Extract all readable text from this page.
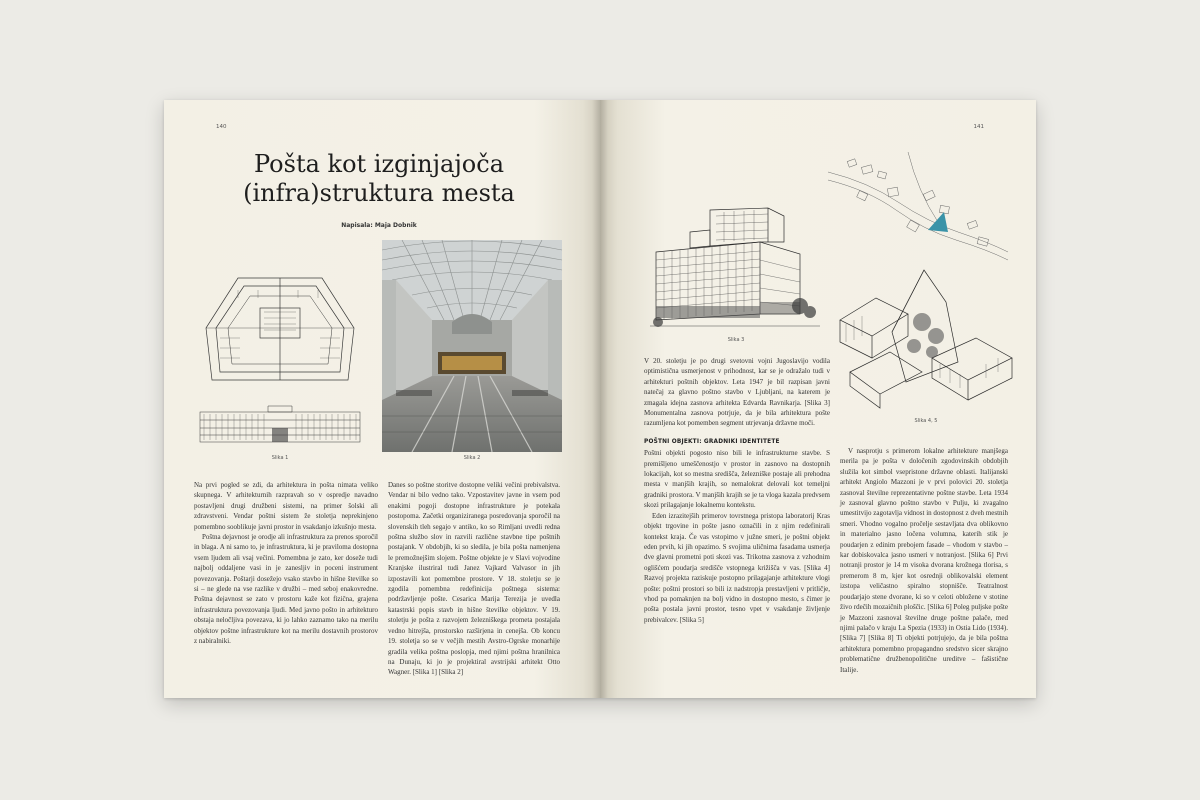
140
Pošta kot izginjajoča
(infra)struktura mesta
Napisala: Maja Dobnik
Slika 1	Slika 2

Na prvi pogled se zdi, da arhitektura in pošta nimata veliko skupnega. V arhitekturnih razpravah so v ospredje navadno postavljeni drugi družbeni sistemi, na primer šolski ali zdravstveni. Vendar poštni sistem že stoletja neprekinjeno pomembno sooblikuje javni prostor in vsakdanjo izkušnjo mesta.

Poštna dejavnost je orodje ali infrastruktura za prenos sporočil in blaga. A ni samo to, je infrastruktura, ki je praviloma dostopna vsem ljudem ali vsaj večini. Pomembna je zato, ker doseže tudi najbolj oddaljene vasi in je zanesljiv in poceni instrument povezovanja. Poštarji dosežejo vsako stavbo in hišne številke so si – ne glede na vse razlike v družbi – med seboj enakovredne. Poštna dejavnost se zato v prostoru kaže kot fizična, grajena infrastruktura povezovanja ljudi. Med javno pošto in arhitekturo obstaja neločljiva povezava, ki jo lahko zaznamo tako na merilu objektov poštne infrastrukture kot na merilu dostavnih prostorov z nabiralniki.

Danes so poštne storitve dostopne veliki večini prebivalstva. Vendar ni bilo vedno tako. Vzpostavitev javne in vsem pod enakimi pogoji dostopne infrastrukture je potekala postopoma. Začetki organiziranega posredovanja sporočil na slovenskih tleh segajo v antiko, ko so Rimljani uvedli redna poštna službo slov in razvili različne stavbne tipe poštnih postajank. V obdobjih, ki so sledila, je bila pošta namenjena le premožnejšim slojem. Poštne objekte je v Slavi vojvodine Kranjske ilustriral tudi Janez Vajkard Valvasor in jih izpostavili kot pomembne prostore. V 18. stoletju se je zgodila pomembna redefinicija poštnega sistema: podržavljenje pošte. Cesarica Marija Terezija je uvedla katastrski popis stavb in hišne številke objektov. V 19. stoletju je pošta z razvojem železniškega prometa postajala vedno hitrejša, prostorsko razširjena in cenejša. Ob koncu 19. stoletja so se v večjih mestih Avstro-Ogrske monarhije gradila velika poštna poslopja, med njimi poštna hranilnica na Dunaju, ki jo je projektiral avstrijski arhitekt Otto Wagner. [Slika 1] [Slika 2]

141
Slika 3
Slika 4, 5

V 20. stoletju je po drugi svetovni vojni Jugoslavijo vodila optimistična usmerjenost v prihodnost, kar se je odražalo tudi v arhitekturi poštnih objektov. Leta 1947 je bil razpisan javni natečaj za glavno poštno stavbo v Ljubljani, na katerem je zmagala idejna zasnova arhitekta Edvarda Ravnikarja. [Slika 3] Monumentalna zasnova potrjuje, da je bila arhitektura pošte razumljena kot pomemben segment utrjevanja državne moči.

POŠTNI OBJEKTI: GRADNIKI IDENTITETE

Poštni objekti pogosto niso bili le infrastrukturne stavbe. S premišljeno umeščenostjo v prostor in zasnovo na dostopnih lokacijah, kot so mestna središča, železniške postaje ali prehodna mesta v manjših krajih, so nemalokrat delovali kot temeljni gradniki prostora. V manjših krajih se je ta vloga kazala predvsem skozi prilagajanje lokalnemu kontekstu.

Eden izrazitejših primerov tovrstnega pristopa laboratorij Kras objekt trgovine in pošte jasno označili in z njim redefinirali kontekst kraja. Če vas vstopimo v južne smeri, je poštni objekt eden prvih, ki jih opazimo. S svojima uličnima fasadama usmerja dve glavni prometni poti skozi vas. Trikotna zasnova z vzhodnim oglišćem poudarja središče vstopnega križišča v vas. [Slika 4] Razvoj projekta raziskuje postopno prilagajanje arhitekture vlogi pošte: poštni prostori so bili iz nadstropja prestavljeni v pritličje, vhod pa pomaknjen na bolj vidno in dostopno mesto, s čimer je pošta postala javni prostor, tesno vpet v vsakdanje življenje prebivalcev. [Slika 5]

V nasprotju s primerom lokalne arhitekture manjšega merila pa je pošta v določenih zgodovinskih obdobjih služila kot simbol vsepristone državne oblasti. Italijanski arhitekt Angiolo Mazzoni je v prvi polovici 20. stoletja zasnoval številne reprezentativne poštne stavbe. Leta 1934 je zasnoval glavno poštno stavbo v Pulju, ki zvagalno umestitvijo zagotavlja vidnost in dostopnost z dveh mestnih smeri. Vhodno vogalno pročelje sestavljata dva oblikovno in materialno jasno ločena volumna, katerih stik je poudarjen z edinim prebojem fasade – vhodom v stavbo – kar dobiskovalca jasno usmeri v notranjost. [Slika 6] Prvi notranji prostor je 14 m visoka dvorana krožnega tlorisa, s premerom 8 m, kjer kot osrednji oblikovalski element izstopa veličastno spiralno stopnišče. Teatralnost poudarjajo stene dvorane, ki so v celoti obložene v stotine živo rdečih mozaičnih ploščic. [Slika 6] Poleg puljske pošte je Mazzoni zasnoval številne druge poštne palače, med njimi palačo v kraju La Spezia (1933) in Ostia Lido (1934). [Slika 7] [Slika 8] Ti objekti potrjujejo, da je bila poštna arhitektura pomembno propagandno sredstvo sicer skrajno problematične družbenopolitične ureditve – fašistične Italije.
